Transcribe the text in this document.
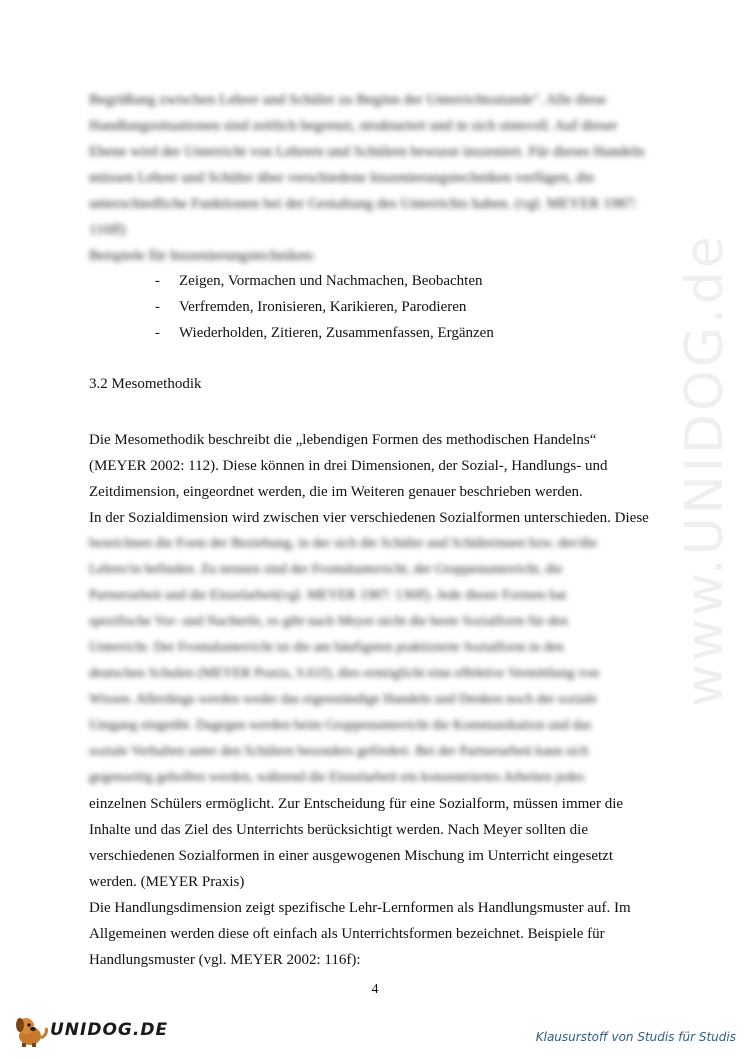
www.UNIDOG.de

Begrüßung zwischen Lehrer und Schüler zu Beginn der Unterrichtsstunde". Alle diese

Handlungssituationen sind zeitlich begrenzt, strukturiert und in sich sinnvoll. Auf dieser

Ebene wird der Unterricht von Lehrern und Schülern bewusst inszeniert. Für dieses Handeln

müssen Lehrer und Schüler über verschiedene Inszenierungstechniken verfügen, die

unterschiedliche Funktionen bei der Gestaltung des Unterrichts haben. (vgl. MEYER 1987:

116ff)

Beispiele für Inszenierungstechniken:

- Zeigen, Vormachen und Nachmachen, Beobachten
- Verfremden, Ironisieren, Karikieren, Parodieren
- Wiederholden, Zitieren, Zusammenfassen, Ergänzen
3.2 Mesomethodik

Die Mesomethodik beschreibt die „lebendigen Formen des methodischen Handelns“

(MEYER 2002: 112). Diese können in drei Dimensionen, der Sozial-, Handlungs- und

Zeitdimension, eingeordnet werden, die im Weiteren genauer beschrieben werden.

In der Sozialdimension wird zwischen vier verschiedenen Sozialformen unterschieden. Diese

bezeichnen die Form der Beziehung, in der sich die Schüler und Schülerinnen bzw. der/die

Lehrer/in befinden. Zu nennen sind der Frontalunterricht, der Gruppenunterricht, die

Partnerarbeit und die Einzelarbeit(vgl. MEYER 1987: 136ff). Jede dieser Formen hat

spezifische Vor- und Nachteile, es gibt nach Meyer nicht die beste Sozialform für den

Unterricht. Der Frontalunterricht ist die am häufigsten praktizierte Sozialform in den

deutschen Schulen (MEYER Praxis, S.61f), dies ermöglicht eine effektive Vermittlung von

Wissen. Allerdings werden weder das eigenständige Handeln und Denken noch der soziale

Umgang eingeübt. Dagegen werden beim Gruppenunterricht die Kommunikation und das

soziale Verhalten unter den Schülern besonders gefördert. Bei der Partnerarbeit kann sich

gegenseitig geholfen werden, während die Einzelarbeit ein konzentriertes Arbeiten jedes

einzelnen Schülers ermöglicht. Zur Entscheidung für eine Sozialform, müssen immer die

Inhalte und das Ziel des Unterrichts berücksichtigt werden. Nach Meyer sollten die

verschiedenen Sozialformen in einer ausgewogenen Mischung im Unterricht eingesetzt

werden. (MEYER Praxis)

Die Handlungsdimension zeigt spezifische Lehr-Lernformen als Handlungsmuster auf. Im

Allgemeinen werden diese oft einfach als Unterrichtsformen bezeichnet. Beispiele für

Handlungsmuster (vgl. MEYER 2002: 116f):

4
UNIDOG.DE	Klausurstoff von Studis für Studis
